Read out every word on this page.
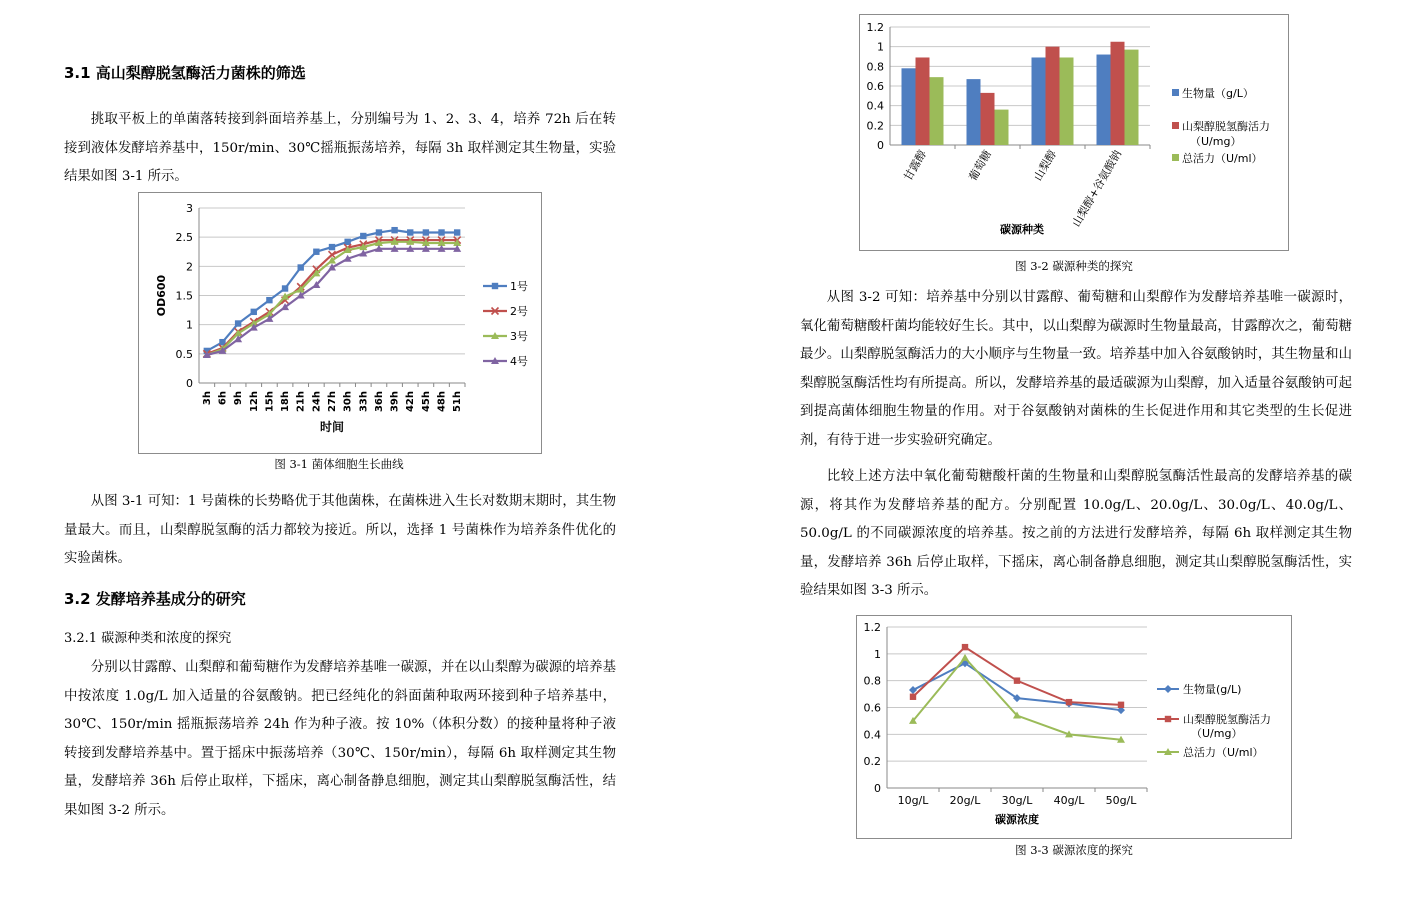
3.1 高山梨醇脱氢酶活力菌株的筛选

挑取平板上的单菌落转接到斜面培养基上，分别编号为 1、2、3、4，培养 72h 后在转接到液体发酵培养基中，150r/min、30℃摇瓶振荡培养，每隔 3h 取样测定其生物量，实验结果如图 3-1 所示。

0
0.5
1
1.5
2
2.5
3
3h 6h 9h 12h 15h 18h 21h 24h 27h 30h 33h 36h 39h 42h 45h 48h 51h
时间
OD600	1号
2号
3号
4号
图 3-1 菌体细胞生长曲线

从图 3-1 可知：1 号菌株的长势略优于其他菌株，在菌株进入生长对数期末期时，其生物量最大。而且，山梨醇脱氢酶的活力都较为接近。所以，选择 1 号菌株作为培养条件优化的实验菌株。

3.2 发酵培养基成分的研究
3.2.1 碳源种类和浓度的探究

分别以甘露醇、山梨醇和葡萄糖作为发酵培养基唯一碳源，并在以山梨醇为碳源的培养基中按浓度 1.0g/L 加入适量的谷氨酸钠。把已经纯化的斜面菌种取两环接到种子培养基中，30℃、150r/min 摇瓶振荡培养 24h 作为种子液。按 10%（体积分数）的接种量将种子液转接到发酵培养基中。置于摇床中振荡培养（30℃、150r/min），每隔 6h 取样测定其生物量，发酵培养 36h 后停止取样，下摇床，离心制备静息细胞，测定其山梨醇脱氢酶活性，结果如图 3-2 所示。

0
0.2
0.4
0.6
0.8
1
1.2
甘露醇	葡萄糖	山梨醇 山梨醇+谷氨酸钠
碳源种类
生物量（g/L）
山梨醇脱氢酶活力
（U/mg）
总活力（U/ml）
图 3-2 碳源种类的探究

从图 3-2 可知：培养基中分别以甘露醇、葡萄糖和山梨醇作为发酵培养基唯一碳源时，氧化葡萄糖酸杆菌均能较好生长。其中，以山梨醇为碳源时生物量最高，甘露醇次之，葡萄糖最少。山梨醇脱氢酶活力的大小顺序与生物量一致。培养基中加入谷氨酸钠时，其生物量和山梨醇脱氢酶活性均有所提高。所以，发酵培养基的最适碳源为山梨醇，加入适量谷氨酸钠可起到提高菌体细胞生物量的作用。对于谷氨酸钠对菌株的生长促进作用和其它类型的生长促进剂，有待于进一步实验研究确定。

比较上述方法中氧化葡萄糖酸杆菌的生物量和山梨醇脱氢酶活性最高的发酵培养基的碳源，将其作为发酵培养基的配方。分别配置 10.0g/L、20.0g/L、30.0g/L、40.0g/L、50.0g/L 的不同碳源浓度的培养基。按之前的方法进行发酵培养，每隔 6h 取样测定其生物量，发酵培养 36h 后停止取样，下摇床，离心制备静息细胞，测定其山梨醇脱氢酶活性，实验结果如图 3-3 所示。

0
0.2
0.4
0.6
0.8
1
1.2
10g/L 20g/L 30g/L 40g/L 50g/L
碳源浓度
生物量(g/L)
山梨醇脱氢酶活力
（U/mg）
总活力（U/ml）
图 3-3 碳源浓度的探究
